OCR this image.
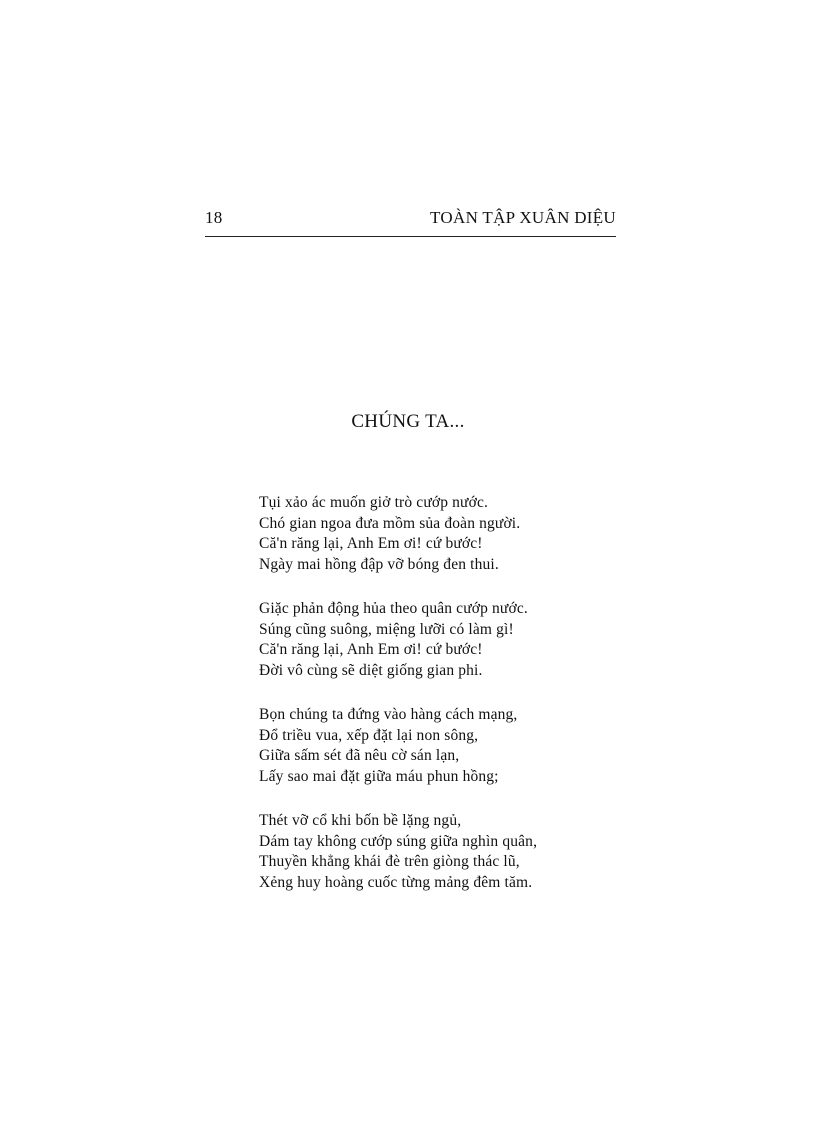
18	TOÀN TẬP XUÂN DIỆU
CHÚNG TA...
Tụi xảo ác muốn giở trò cướp nước.
Chó gian ngoa đưa mồm sủa đoàn người.
Că'n răng lại, Anh Em ơi! cứ bước!
Ngày mai hồng đập vỡ bóng đen thui.
Giặc phản động hủa theo quân cướp nước.
Súng cũng suông, miệng lưỡi có làm gì!
Că'n răng lại, Anh Em ơi! cứ bước!
Đời vô cùng sẽ diệt giống gian phi.
Bọn chúng ta đứng vào hàng cách mạng,
Đổ triều vua, xếp đặt lại non sông,
Giữa sấm sét đã nêu cờ sán lạn,
Lấy sao mai đặt giữa máu phun hồng;
Thét vỡ cổ khi bốn bề lặng ngủ,
Dám tay không cướp súng giữa nghìn quân,
Thuyền khẳng khái đè trên giòng thác lũ,
Xẻng huy hoàng cuốc từng mảng đêm tăm.
